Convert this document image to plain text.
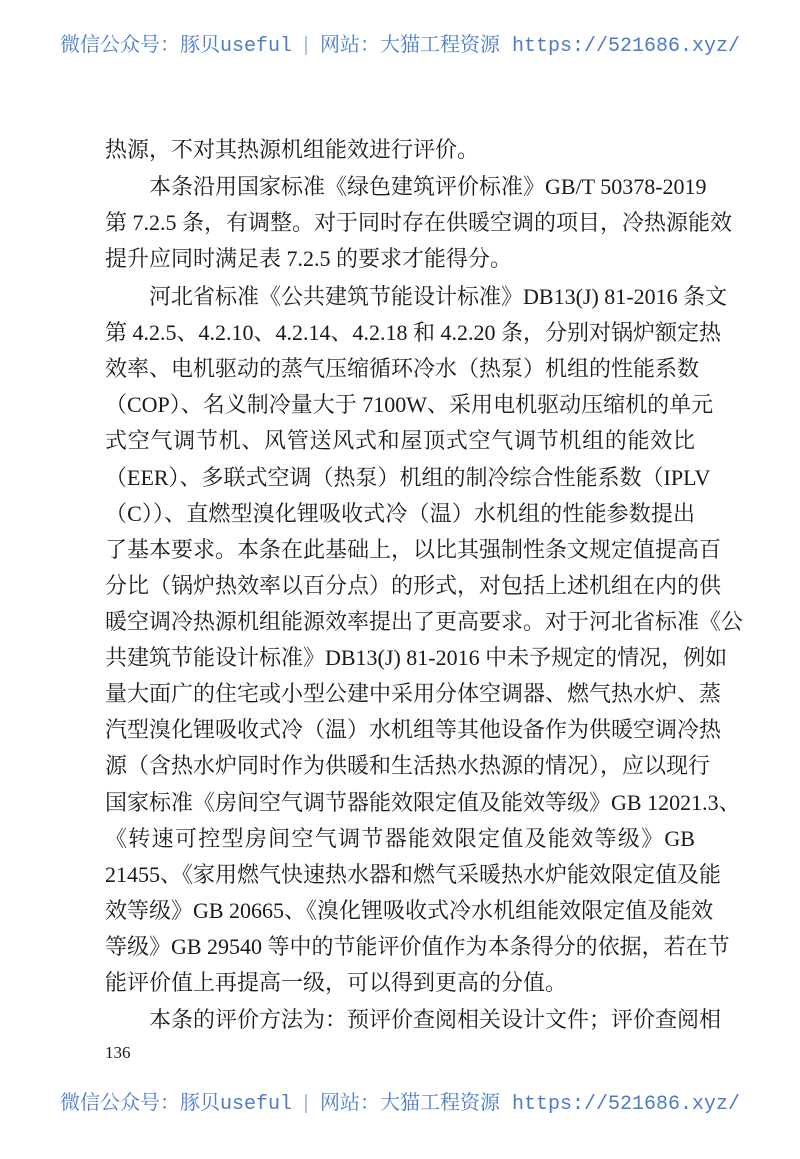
微信公众号：豚贝useful | 网站：大猫工程资源 https://521686.xyz/
热源，不对其热源机组能效进行评价。
本条沿用国家标准《绿色建筑评价标准》GB/T 50378-2019
第 7.2.5 条，有调整。对于同时存在供暖空调的项目，冷热源能效
提升应同时满足表 7.2.5 的要求才能得分。
河北省标准《公共建筑节能设计标准》DB13(J) 81-2016 条文
第 4.2.5、4.2.10、4.2.14、4.2.18 和 4.2.20 条，分别对锅炉额定热
效率、电机驱动的蒸气压缩循环冷水（热泵）机组的性能系数
（COP）、名义制冷量大于 7100W、采用电机驱动压缩机的单元
式空气调节机、风管送风式和屋顶式空气调节机组的能效比
（EER）、多联式空调（热泵）机组的制冷综合性能系数（IPLV
（C））、直燃型溴化锂吸收式冷（温）水机组的性能参数提出
了基本要求。本条在此基础上，以比其强制性条文规定值提高百
分比（锅炉热效率以百分点）的形式，对包括上述机组在内的供
暖空调冷热源机组能源效率提出了更高要求。对于河北省标准《公
共建筑节能设计标准》DB13(J) 81-2016 中未予规定的情况，例如
量大面广的住宅或小型公建中采用分体空调器、燃气热水炉、蒸
汽型溴化锂吸收式冷（温）水机组等其他设备作为供暖空调冷热
源（含热水炉同时作为供暖和生活热水热源的情况），应以现行
国家标准《房间空气调节器能效限定值及能效等级》GB 12021.3、
《转速可控型房间空气调节器能效限定值及能效等级》GB
21455、《家用燃气快速热水器和燃气采暖热水炉能效限定值及能
效等级》GB 20665、《溴化锂吸收式冷水机组能效限定值及能效
等级》GB 29540 等中的节能评价值作为本条得分的依据，若在节
能评价值上再提高一级，可以得到更高的分值。
本条的评价方法为：预评价查阅相关设计文件；评价查阅相
136
微信公众号：豚贝useful | 网站：大猫工程资源 https://521686.xyz/
